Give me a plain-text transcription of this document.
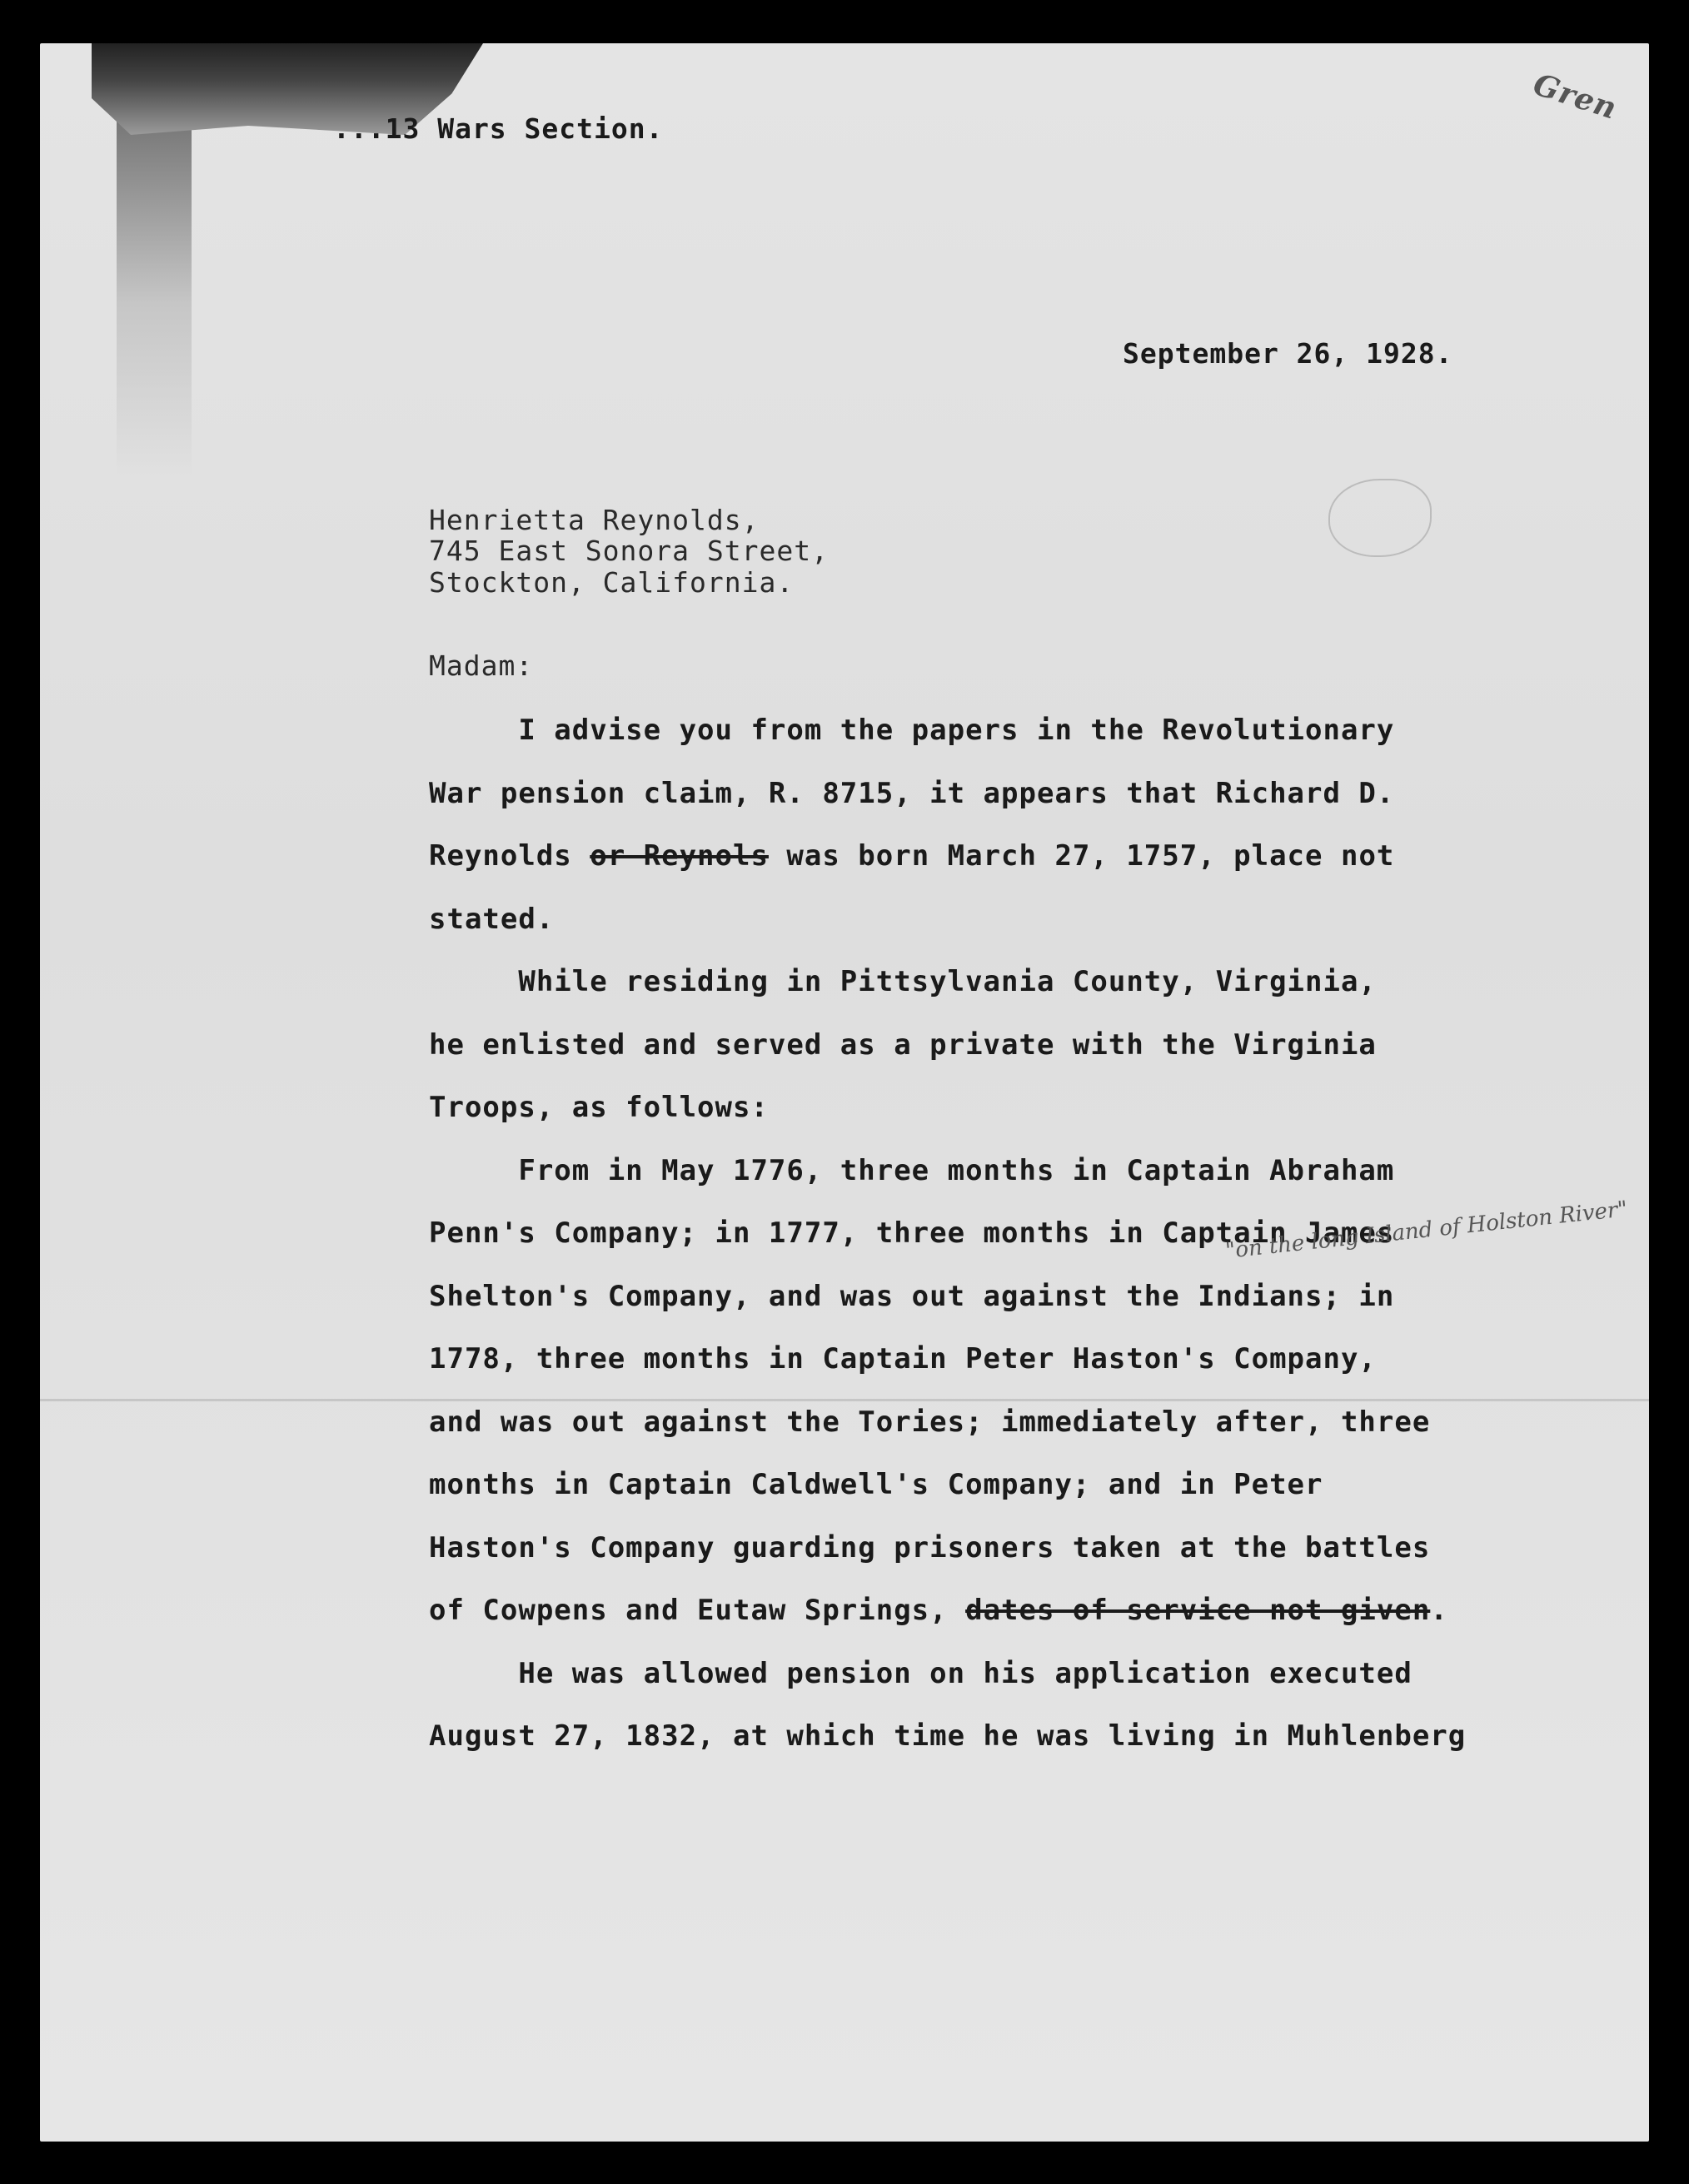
...13 Wars Section.
Gren
September 26, 1928.
Henrietta Reynolds,
745 East Sonora Street,
Stockton, California.
Madam:
I advise you from the papers in the Revolutionary
War pension claim, R. 8715, it appears that Richard D.
Reynolds or Reynols was born March 27, 1757, place not
stated.
While residing in Pittsylvania County, Virginia,
he enlisted and served as a private with the Virginia
Troops, as follows:
From in May 1776, three months in Captain Abraham
Penn's Company; in 1777, three months in Captain James
Shelton's Company, and was out against the Indians; in
1778, three months in Captain Peter Haston's Company,
and was out against the Tories; immediately after, three
months in Captain Caldwell's Company; and in Peter
Haston's Company guarding prisoners taken at the battles
of Cowpens and Eutaw Springs, dates of service not given.
He was allowed pension on his application executed
August 27, 1832, at which time he was living in Muhlenberg
"on the long Island of Holston River"
